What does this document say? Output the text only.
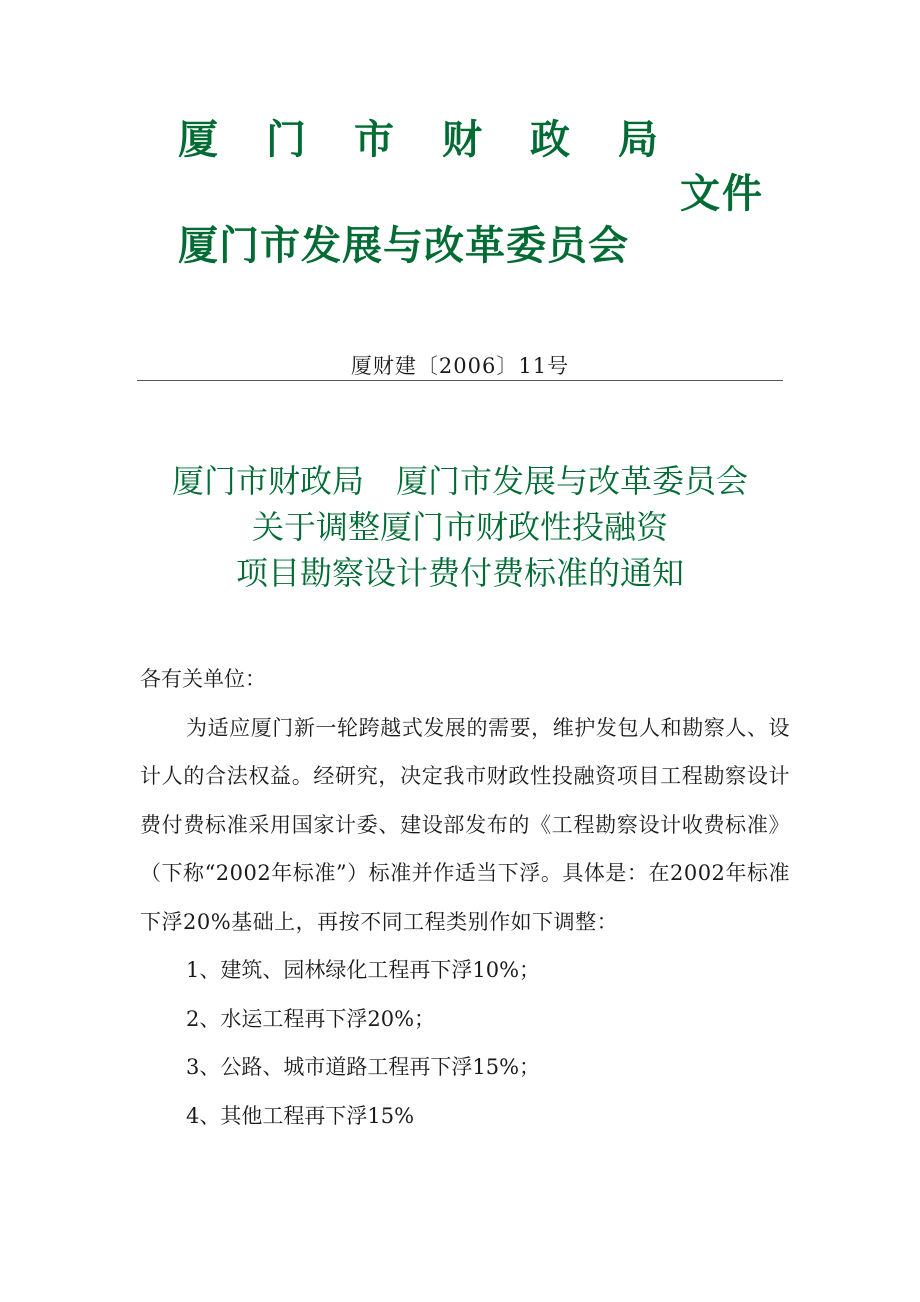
厦门市财政局
文件
厦门市发展与改革委员会
厦财建〔2006〕11号
厦门市财政局　厦门市发展与改革委员会
关于调整厦门市财政性投融资
项目勘察设计费付费标准的通知

各有关单位：

为适应厦门新一轮跨越式发展的需要，维护发包人和勘察人、设计人的合法权益。经研究，决定我市财政性投融资项目工程勘察设计费付费标准采用国家计委、建设部发布的《工程勘察设计收费标准》（下称“2002年标准”）标准并作适当下浮。具体是：在2002年标准下浮20%基础上，再按不同工程类别作如下调整：

1、建筑、园林绿化工程再下浮10%；

2、水运工程再下浮20%；

3、公路、城市道路工程再下浮15%；

4、其他工程再下浮15%
